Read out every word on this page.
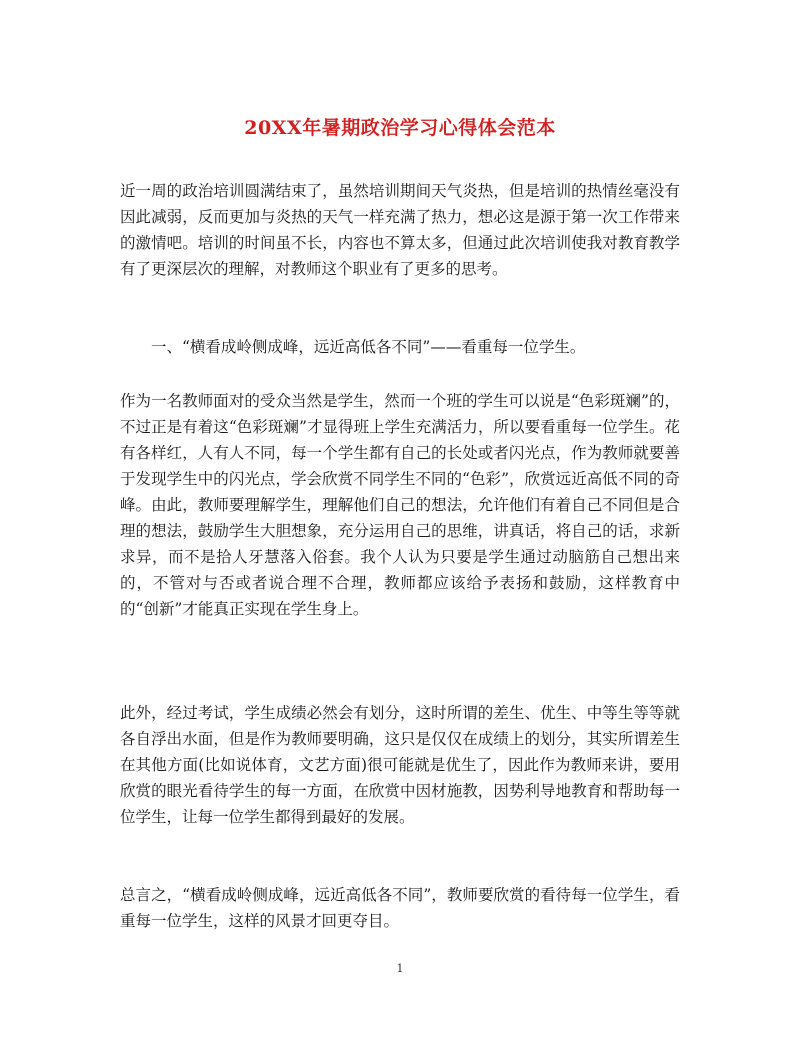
20XX年暑期政治学习心得体会范本

近一周的政治培训圆满结束了，虽然培训期间天气炎热，但是培训的热情丝毫没有因此减弱，反而更加与炎热的天气一样充满了热力，想必这是源于第一次工作带来的激情吧。培训的时间虽不长，内容也不算太多，但通过此次培训使我对教育教学有了更深层次的理解，对教师这个职业有了更多的思考。

一、“横看成岭侧成峰，远近高低各不同”——看重每一位学生。

作为一名教师面对的受众当然是学生，然而一个班的学生可以说是“色彩斑斓”的，不过正是有着这“色彩斑斓”才显得班上学生充满活力，所以要看重每一位学生。花有各样红，人有人不同，每一个学生都有自己的长处或者闪光点，作为教师就要善于发现学生中的闪光点，学会欣赏不同学生不同的“色彩”，欣赏远近高低不同的奇峰。由此，教师要理解学生，理解他们自己的想法，允许他们有着自己不同但是合理的想法，鼓励学生大胆想象，充分运用自己的思维，讲真话，将自己的话，求新求异，而不是拾人牙慧落入俗套。我个人认为只要是学生通过动脑筋自己想出来的，不管对与否或者说合理不合理，教师都应该给予表扬和鼓励，这样教育中的“创新”才能真正实现在学生身上。

此外，经过考试，学生成绩必然会有划分，这时所谓的差生、优生、中等生等等就各自浮出水面，但是作为教师要明确，这只是仅仅在成绩上的划分，其实所谓差生在其他方面(比如说体育，文艺方面)很可能就是优生了，因此作为教师来讲，要用欣赏的眼光看待学生的每一方面，在欣赏中因材施教，因势利导地教育和帮助每一位学生，让每一位学生都得到最好的发展。

总言之，“横看成岭侧成峰，远近高低各不同”，教师要欣赏的看待每一位学生，看重每一位学生，这样的风景才回更夺目。

1
